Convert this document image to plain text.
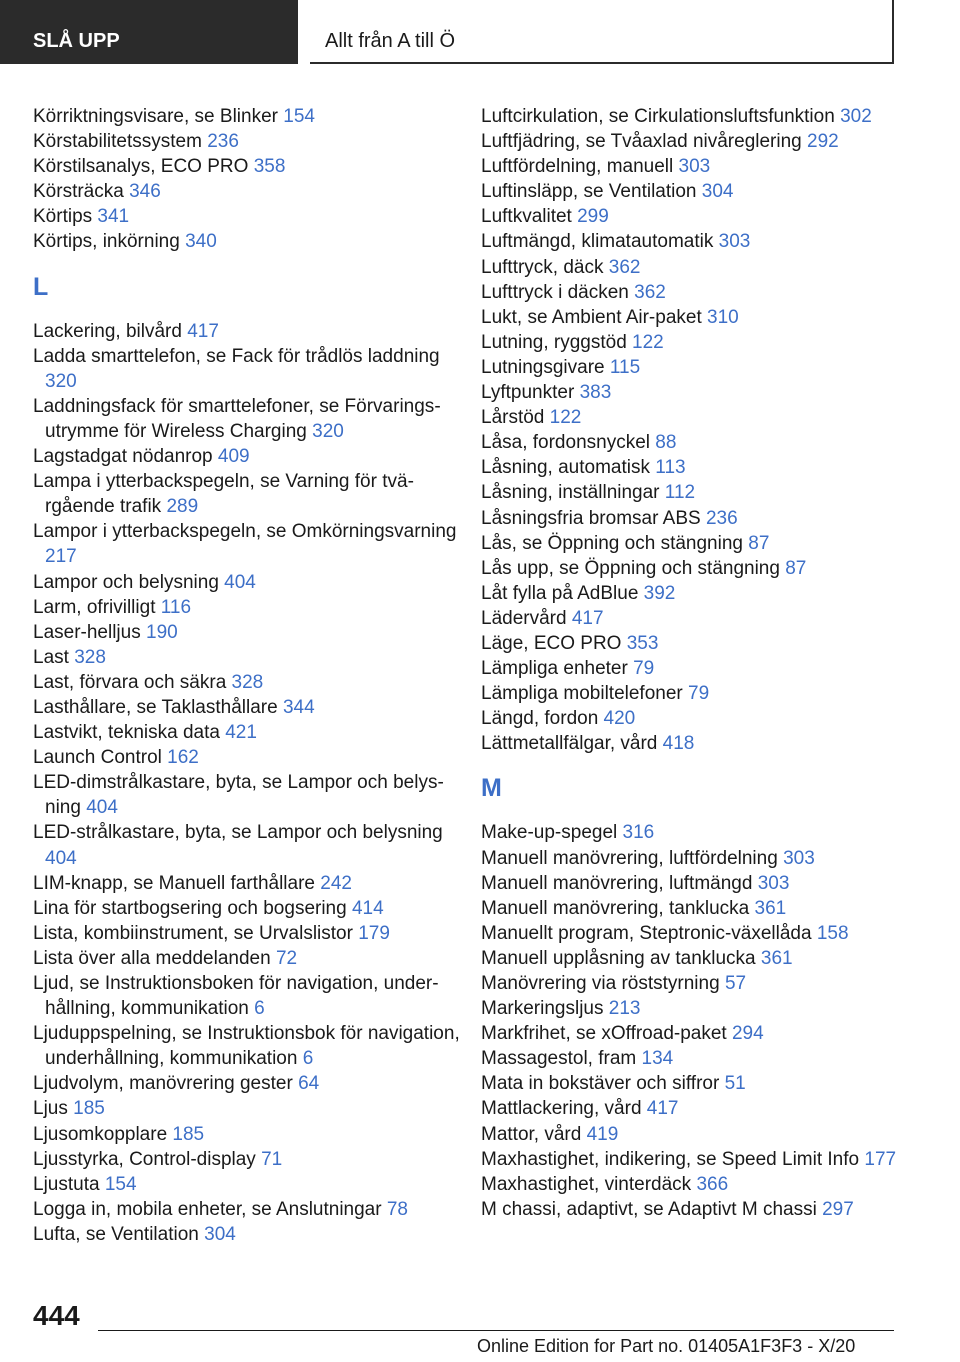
SLÅ UPP	Allt från A till Ö
Körriktningsvisare, se Blinker 154
Körstabilitetssystem 236
Körstilsanalys, ECO PRO 358
Körsträcka 346
Körtips 341
Körtips, inkörning 340
L
Lackering, bilvård 417
Ladda smarttelefon, se Fack för trådlös laddning 320
Laddningsfack för smarttelefoner, se Förvaringsutrymme för Wireless Charging 320
Lagstadgat nödanrop 409
Lampa i ytterbackspegeln, se Varning för tvärgående trafik 289
Lampor i ytterbackspegeln, se Omkörningsvarning 217
Lampor och belysning 404
Larm, ofrivilligt 116
Laser-helljus 190
Last 328
Last, förvara och säkra 328
Lasthållare, se Taklasthållare 344
Lastvikt, tekniska data 421
Launch Control 162
LED-dimstrålkastare, byta, se Lampor och belysning 404
LED-strålkastare, byta, se Lampor och belysning 404
LIM-knapp, se Manuell farthållare 242
Lina för startbogsering och bogsering 414
Lista, kombiinstrument, se Urvalslistor 179
Lista över alla meddelanden 72
Ljud, se Instruktionsboken för navigation, underhållning, kommunikation 6
Ljuduppspelning, se Instruktionsbok för navigation, underhållning, kommunikation 6
Ljudvolym, manövrering gester 64
Ljus 185
Ljusomkopplare 185
Ljusstyrka, Control-display 71
Ljustuta 154
Logga in, mobila enheter, se Anslutningar 78
Lufta, se Ventilation 304
Luftcirkulation, se Cirkulationsluftsfunktion 302
Luftfjädring, se Tvåaxlad nivåreglering 292
Luftfördelning, manuell 303
Luftinsläpp, se Ventilation 304
Luftkvalitet 299
Luftmängd, klimatautomatik 303
Lufttryck, däck 362
Lufttryck i däcken 362
Lukt, se Ambient Air-paket 310
Lutning, ryggstöd 122
Lutningsgivare 115
Lyftpunkter 383
Lårstöd 122
Låsa, fordonsnyckel 88
Låsning, automatisk 113
Låsning, inställningar 112
Låsningsfria bromsar ABS 236
Lås, se Öppning och stängning 87
Lås upp, se Öppning och stängning 87
Låt fylla på AdBlue 392
Lädervård 417
Läge, ECO PRO 353
Lämpliga enheter 79
Lämpliga mobiltelefoner 79
Längd, fordon 420
Lättmetallfälgar, vård 418
M
Make-up-spegel 316
Manuell manövrering, luftfördelning 303
Manuell manövrering, luftmängd 303
Manuell manövrering, tanklucka 361
Manuellt program, Steptronic-växellåda 158
Manuell upplåsning av tanklucka 361
Manövrering via röststyrning 57
Markeringsljus 213
Markfrihet, se xOffroad-paket 294
Massagestol, fram 134
Mata in bokstäver och siffror 51
Mattlackering, vård 417
Mattor, vård 419
Maxhastighet, indikering, se Speed Limit Info 177
Maxhastighet, vinterdäck 366
M chassi, adaptivt, se Adaptivt M chassi 297
444
Online Edition for Part no. 01405A1F3F3 - X/20
